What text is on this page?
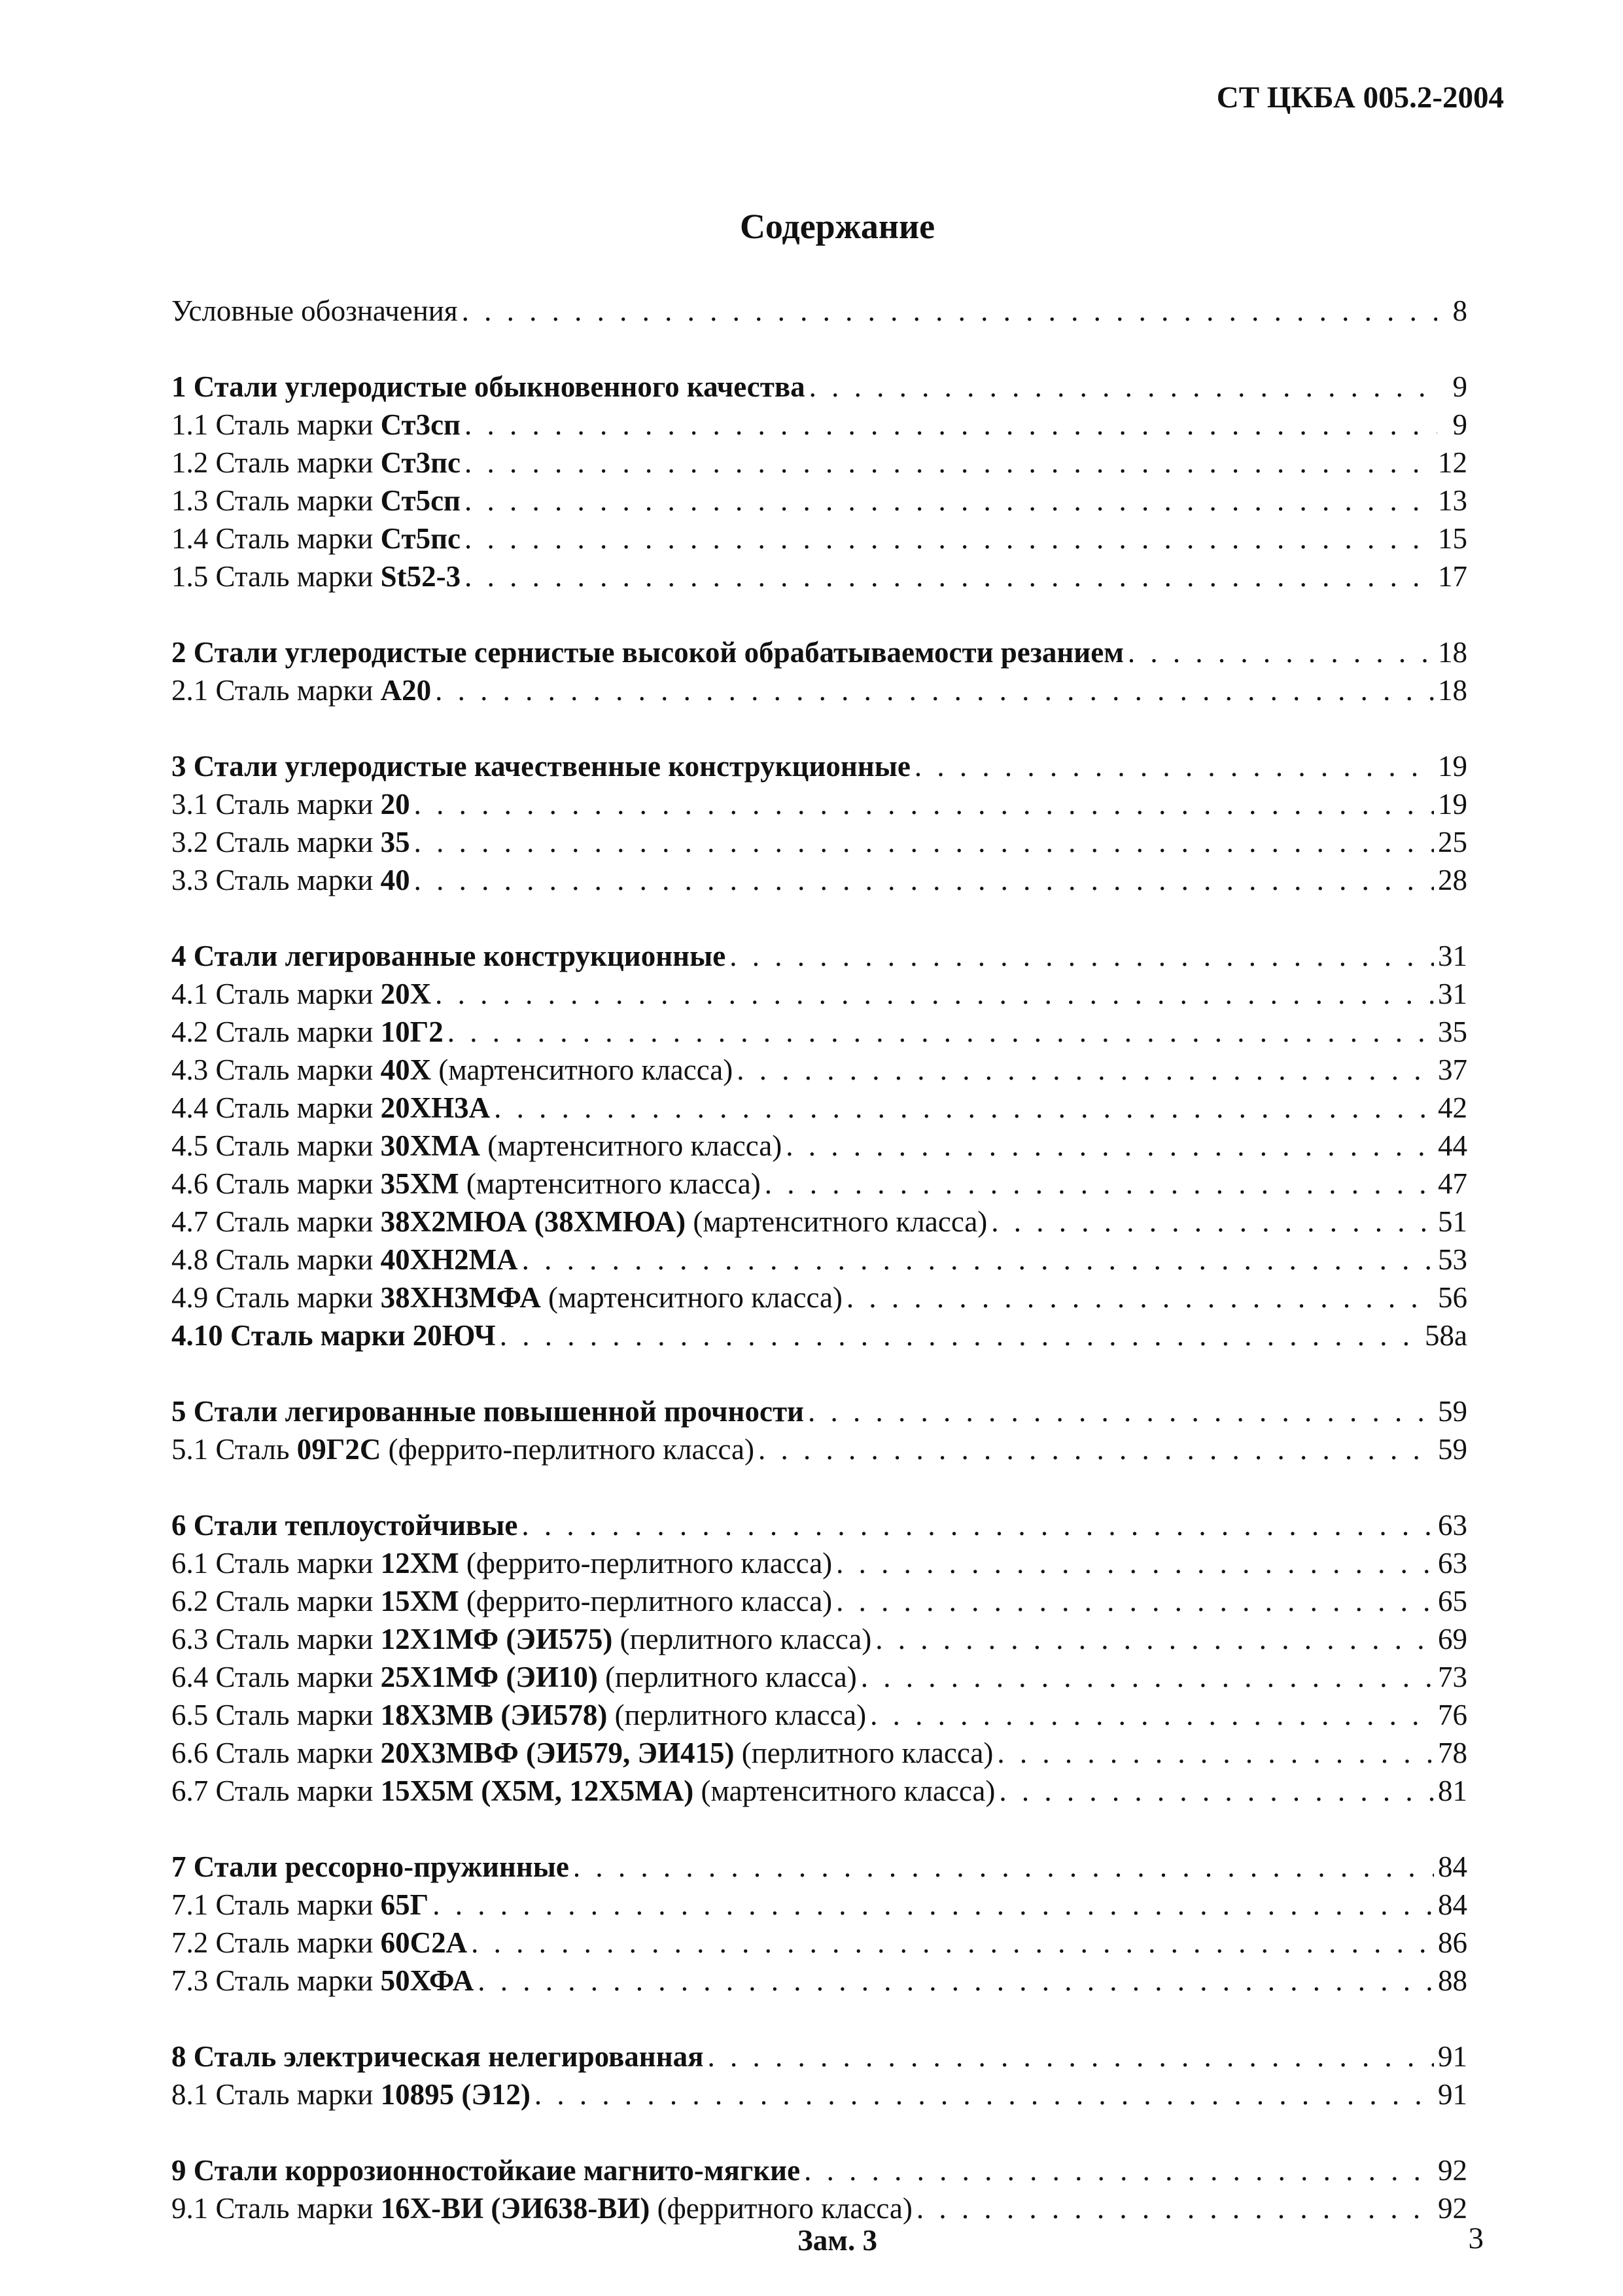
СТ ЦКБА 005.2-2004
Содержание
Условные обозначения . . .	8
1 Стали углеродистые обыкновенного качества . . .	9
1.1 Сталь марки Ст3сп . . .	9
1.2 Сталь марки Ст3пс . . .	12
1.3 Сталь марки Ст5сп . . .	13
1.4 Сталь марки Ст5пс . . .	15
1.5 Сталь марки St52-3 . . .	17
2 Стали углеродистые сернистые высокой обрабатываемости резанием . . .	18
2.1 Сталь марки А20 . . .	18
3 Стали углеродистые качественные конструкционные . . .	19
3.1 Сталь марки 20 . . .	19
3.2 Сталь марки 35 . . .	25
3.3 Сталь марки 40 . . .	28
4 Стали легированные конструкционные . . .	31
4.1 Сталь марки 20Х . . .	31
4.2 Сталь марки 10Г2 . . .	35
4.3 Сталь марки 40Х (мартенситного класса) . . .	37
4.4 Сталь марки 20ХН3А . . .	42
4.5 Сталь марки 30ХМА (мартенситного класса) . . .	44
4.6 Сталь марки 35ХМ (мартенситного класса) . . .	47
4.7 Сталь марки 38Х2МЮА (38ХМЮА) (мартенситного класса) . . .	51
4.8 Сталь марки 40ХН2МА . . .	53
4.9 Сталь марки 38ХН3МФА (мартенситного класса) . . .	56
4.10 Сталь марки 20ЮЧ . . .	58а
5 Стали легированные повышенной прочности . . .	59
5.1 Сталь 09Г2С (феррито-перлитного класса) . . .	59
6 Стали теплоустойчивые . . .	63
6.1 Сталь марки 12ХМ (феррито-перлитного класса) . . .	63
6.2 Сталь марки 15ХМ (феррито-перлитного класса) . . .	65
6.3 Сталь марки 12Х1МФ (ЭИ575) (перлитного класса) . . .	69
6.4 Сталь марки 25Х1МФ (ЭИ10) (перлитного класса) . . .	73
6.5 Сталь марки 18Х3МВ (ЭИ578) (перлитного класса) . . .	76
6.6 Сталь марки 20Х3МВФ (ЭИ579, ЭИ415) (перлитного класса) . . .	78
6.7 Сталь марки 15Х5М (Х5М, 12Х5МА) (мартенситного класса) . . .	81
7 Стали рессорно-пружинные . . .	84
7.1 Сталь марки 65Г . . .	84
7.2 Сталь марки 60С2А . . .	86
7.3 Сталь марки 50ХФА . . .	88
8 Сталь электрическая нелегированная . . .	91
8.1 Сталь марки 10895 (Э12) . . .	91
9 Стали коррозионностойкаие магнито-мягкие . . .	92
9.1 Сталь марки 16Х-ВИ (ЭИ638-ВИ) (ферритного класса) . . .	92
Зам. 3	3
